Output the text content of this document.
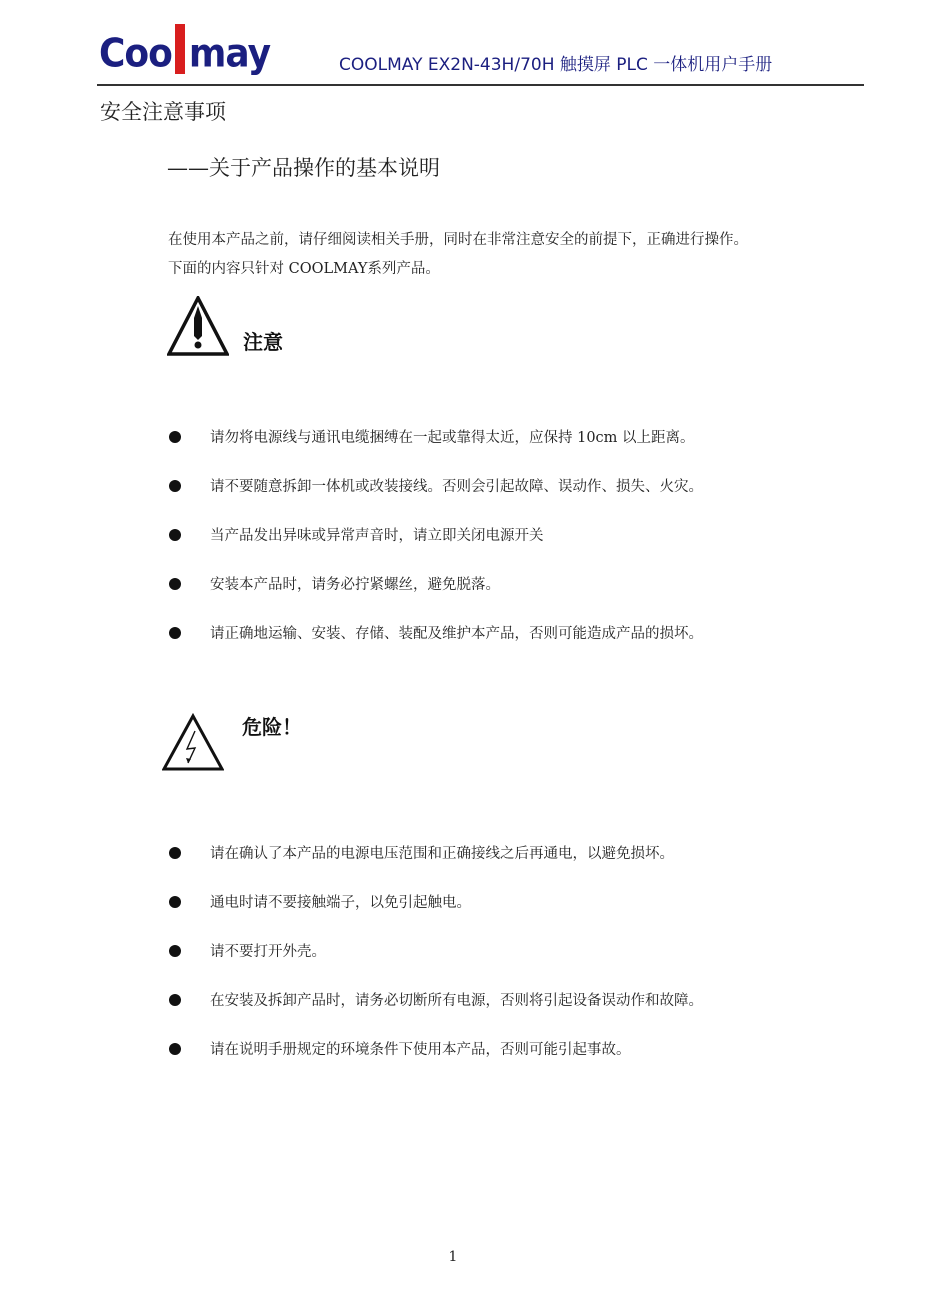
Coo may	COOLMAY EX2N-43H/70H 触摸屏 PLC 一体机用户手册
安全注意事项
——关于产品操作的基本说明

在使用本产品之前，请仔细阅读相关手册，同时在非常注意安全的前提下，正确进行操作。

下面的内容只针对 COOLMAY系列产品。

注意
请勿将电源线与通讯电缆捆缚在一起或靠得太近，应保持 10cm 以上距离。
请不要随意拆卸一体机或改装接线。否则会引起故障、误动作、损失、火灾。
当产品发出异味或异常声音时，请立即关闭电源开关
安装本产品时，请务必拧紧螺丝，避免脱落。
请正确地运输、安装、存储、装配及维护本产品，否则可能造成产品的损坏。
危险！
请在确认了本产品的电源电压范围和正确接线之后再通电，以避免损坏。
通电时请不要接触端子，以免引起触电。
请不要打开外壳。
在安装及拆卸产品时，请务必切断所有电源，否则将引起设备误动作和故障。
请在说明手册规定的环境条件下使用本产品，否则可能引起事故。
1
